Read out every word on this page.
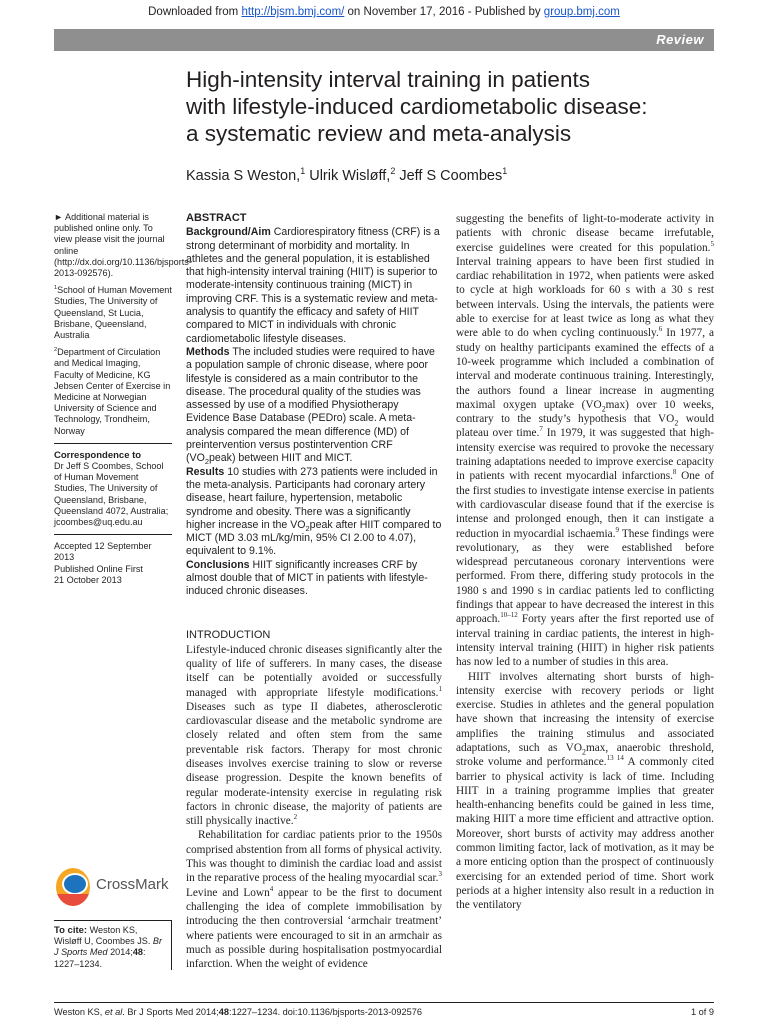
Downloaded from http://bjsm.bmj.com/ on November 17, 2016 - Published by group.bmj.com
Review
High-intensity interval training in patients
with lifestyle-induced cardiometabolic disease:
a systematic review and meta-analysis
Kassia S Weston,$^1$ Ulrik Wisløff,$^2$ Jeff S Coombes$^1$

► Additional material is published online only. To view please visit the journal online (http://dx.doi.org/10.1136/bjsports-2013-092576).

$^1$School of Human Movement Studies, The University of Queensland, St Lucia, Brisbane, Queensland, Australia

$^2$Department of Circulation and Medical Imaging, Faculty of Medicine, KG Jebsen Center of Exercise in Medicine at Norwegian University of Science and Technology, Trondheim, Norway

Correspondence to
Dr Jeff S Coombes, School of Human Movement Studies, The University of Queensland, Brisbane, Queensland 4072, Australia; jcoombes@uq.edu.au

Accepted 12 September 2013
Published Online First
21 October 2013

CrossMark
To cite: Weston KS, Wisløff U, Coombes JS. Br J Sports Med 2014;48: 1227–1234.
ABSTRACT

Background/Aim Cardiorespiratory fitness (CRF) is a strong determinant of morbidity and mortality. In athletes and the general population, it is established that high-intensity interval training (HIIT) is superior to moderate-intensity continuous training (MICT) in improving CRF. This is a systematic review and meta-analysis to quantify the efficacy and safety of HIIT compared to MICT in individuals with chronic cardiometabolic lifestyle diseases.

Methods The included studies were required to have a population sample of chronic disease, where poor lifestyle is considered as a main contributor to the disease. The procedural quality of the studies was assessed by use of a modified Physiotherapy Evidence Base Database (PEDro) scale. A meta-analysis compared the mean difference (MD) of preintervention versus postintervention CRF $(VO_2peak)$ between HIIT and MICT.

Results 10 studies with 273 patients were included in the meta-analysis. Participants had coronary artery disease, heart failure, hypertension, metabolic syndrome and obesity. There was a significantly higher increase in the $VO_2peak$ after HIIT compared to MICT (MD 3.03 mL/kg/min, 95% CI 2.00 to 4.07), equivalent to 9.1%.

Conclusions HIIT significantly increases CRF by almost double that of MICT in patients with lifestyle-induced chronic diseases.

INTRODUCTION

Lifestyle-induced chronic diseases significantly alter the quality of life of sufferers. In many cases, the disease itself can be potentially avoided or successfully managed with appropriate lifestyle modifications.$^1$ Diseases such as type II diabetes, atherosclerotic cardiovascular disease and the metabolic syndrome are closely related and often stem from the same preventable risk factors. Therapy for most chronic diseases involves exercise training to slow or reverse disease progression. Despite the known benefits of regular moderate-intensity exercise in regulating risk factors in chronic disease, the majority of patients are still physically inactive.$^2$

Rehabilitation for cardiac patients prior to the 1950s comprised abstention from all forms of physical activity. This was thought to diminish the cardiac load and assist in the reparative process of the healing myocardial scar.$^3$ Levine and Lown$^4$ appear to be the first to document challenging the idea of complete immobilisation by introducing the then controversial ‘armchair treatment’ where patients were encouraged to sit in an armchair as much as possible during hospitalisation postmyocardial infarction. When the weight of evidence

suggesting the benefits of light-to-moderate activity in patients with chronic disease became irrefutable, exercise guidelines were created for this population.$^5$ Interval training appears to have been first studied in cardiac rehabilitation in 1972, when patients were asked to cycle at high workloads for 60 s with a 30 s rest between intervals. Using the intervals, the patients were able to exercise for at least twice as long as what they were able to do when cycling continuously.$^6$ In 1977, a study on healthy participants examined the effects of a 10-week programme which included a combination of interval and moderate continuous training. Interestingly, the authors found a linear increase in augmenting maximal oxygen uptake $(VO_2\max)$ over 10 weeks, contrary to the study’s hypothesis that $VO_2$ would plateau over time.$^7$ In 1979, it was suggested that high-intensity exercise was required to provoke the necessary training adaptations needed to improve exercise capacity in patients with recent myocardial infarctions.$^8$ One of the first studies to investigate intense exercise in patients with cardiovascular disease found that if the exercise is intense and prolonged enough, then it can instigate a reduction in myocardial ischaemia.$^9$ These findings were revolutionary, as they were established before widespread percutaneous coronary interventions were performed. From there, differing study protocols in the 1980 s and 1990 s in cardiac patients led to conflicting findings that appear to have decreased the interest in this approach.$^{10-12}$ Forty years after the first reported use of interval training in cardiac patients, the interest in high-intensity interval training (HIIT) in higher risk patients has now led to a number of studies in this area.

HIIT involves alternating short bursts of high-intensity exercise with recovery periods or light exercise. Studies in athletes and the general population have shown that increasing the intensity of exercise amplifies the training stimulus and associated adaptations, such as $VO_2\max$, anaerobic threshold, stroke volume and performance.$^{13 14}$ A commonly cited barrier to physical activity is lack of time. Including HIIT in a training programme implies that greater health-enhancing benefits could be gained in less time, making HIIT a more time efficient and attractive option. Moreover, short bursts of activity may address another common limiting factor, lack of motivation, as it may be a more enticing option than the prospect of continuously exercising for an extended period of time. Short work periods at a higher intensity also result in a reduction in the ventilatory

Weston KS, et al. Br J Sports Med 2014;48:1227–1234. doi:10.1136/bjsports-2013-092576	1 of 9
